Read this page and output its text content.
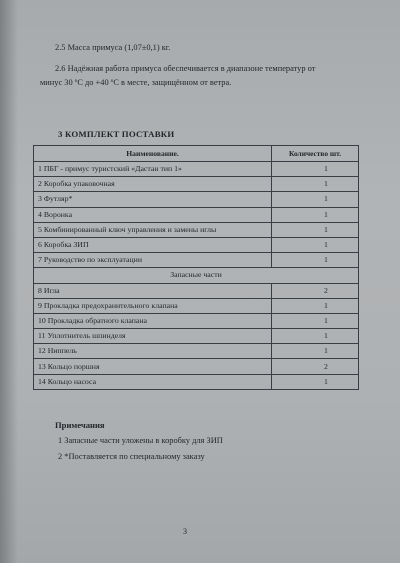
2.5 Масса примуса (1,07±0,1) кг.
2.6 Надёжная работа примуса обеспечивается в диапазоне температур от
минус 30 ºС до +40 ºС в месте, защищённом от ветра.
3 КОМПЛЕКТ ПОСТАВКИ
Наименование.	Количество шт.
1 ПБГ - примус туристский «Дастан тип 1»	1
2 Коробка упаковочная	1
3 Футляр*	1
4 Воронка	1
5 Комбинированный ключ управления и замены иглы	1
6 Коробка ЗИП	1
7 Руководство по эксплуатации	1
Запасные части	
8 Игла	2
9 Прокладка предохранительного клапана	1
10 Прокладка обратного клапана	1
11 Уплотнитель шпинделя	1
12 Ниппель	1
13 Кольцо поршня	2
14 Кольцо насоса	1
Примечания
1 Запасные части уложены в коробку для ЗИП
2 *Поставляется по специальному заказу
3
